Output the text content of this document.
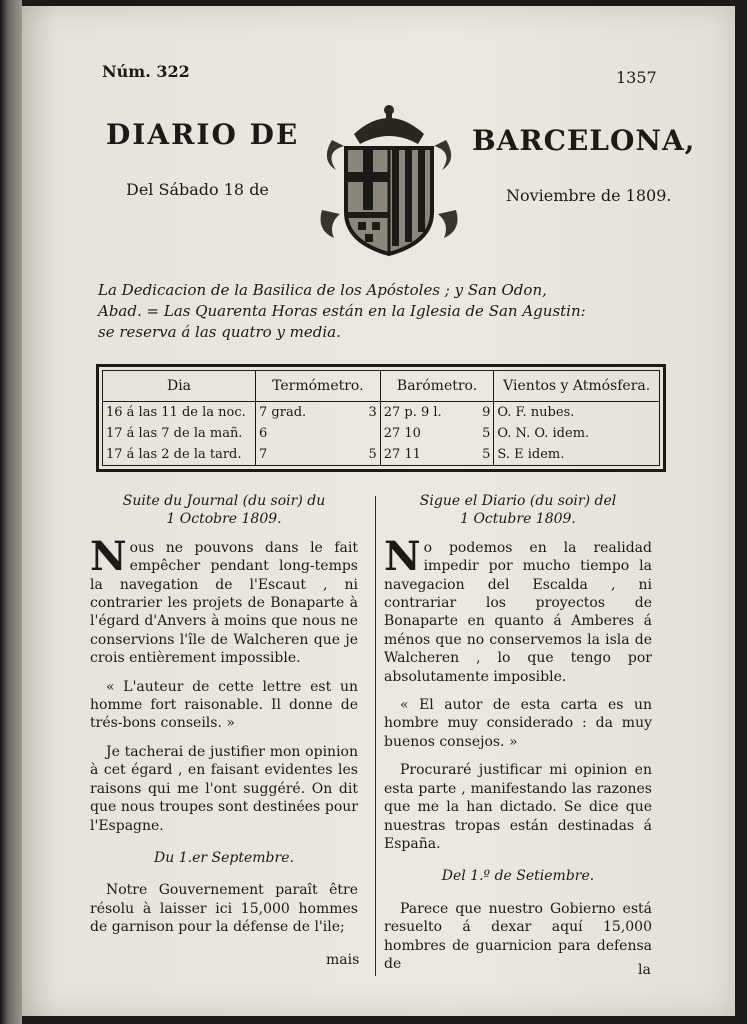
Núm. 322	1357
DIARIO DE	BARCELONA,
Del Sábado 18 de	Noviembre de 1809.
La Dedicacion de la Basilica de los Apóstoles ; y San Odon,
Abad. = Las Quarenta Horas están en la Iglesia de San Agustin:
se reserva á las quatro y media.
Dia	Termómetro.		Barómetro.		Vientos y Atmósfera.
16 á las 11 de la noc.	7 grad.	3	27 p. 9 l.	9	O. F. nubes.
17 á las 7 de la mañ.	6		27 10	5	O. N. O. idem.
17 á las 2 de la tard.	7	5	27 11	5	S. E idem.
Suite du Journal (du soir) du
1 Octobre 1809.

Nous ne pouvons dans le fait empêcher pendant long-temps la navegation de l'Escaut , ni contrarier les projets de Bonaparte à l'égard d'Anvers à moins que nous ne conservions l'île de Walcheren que je crois entièrement impossible.

« L'auteur de cette lettre est un homme fort raisonable. Il donne de trés-bons conseils. »

Je tacherai de justifier mon opinion à cet égard , en faisant evidentes les raisons qui me l'ont suggéré. On dit que nous troupes sont destinées pour l'Espagne.

Du 1.er Septembre.

Notre Gouvernement paraît être résolu à laisser ici 15,000 hommes de garnison pour la défense de l'ile;

mais
Sigue el Diario (du soir) del
1 Octubre 1809.

No podemos en la realidad impedir por mucho tiempo la navegacion del Escalda , ni contrariar los proyectos de Bonaparte en quanto á Amberes á ménos que no conservemos la isla de Walcheren , lo que tengo por absolutamente imposible.

« El autor de esta carta es un hombre muy considerado : da muy buenos consejos. »

Procuraré justificar mi opinion en esta parte , manifestando las razones que me la han dictado. Se dice que nuestras tropas están destinadas á España.

Del 1.º de Setiembre.

Parece que nuestro Gobierno está resuelto á dexar aquí 15,000 hombres de guarnicion para defensa de	la
